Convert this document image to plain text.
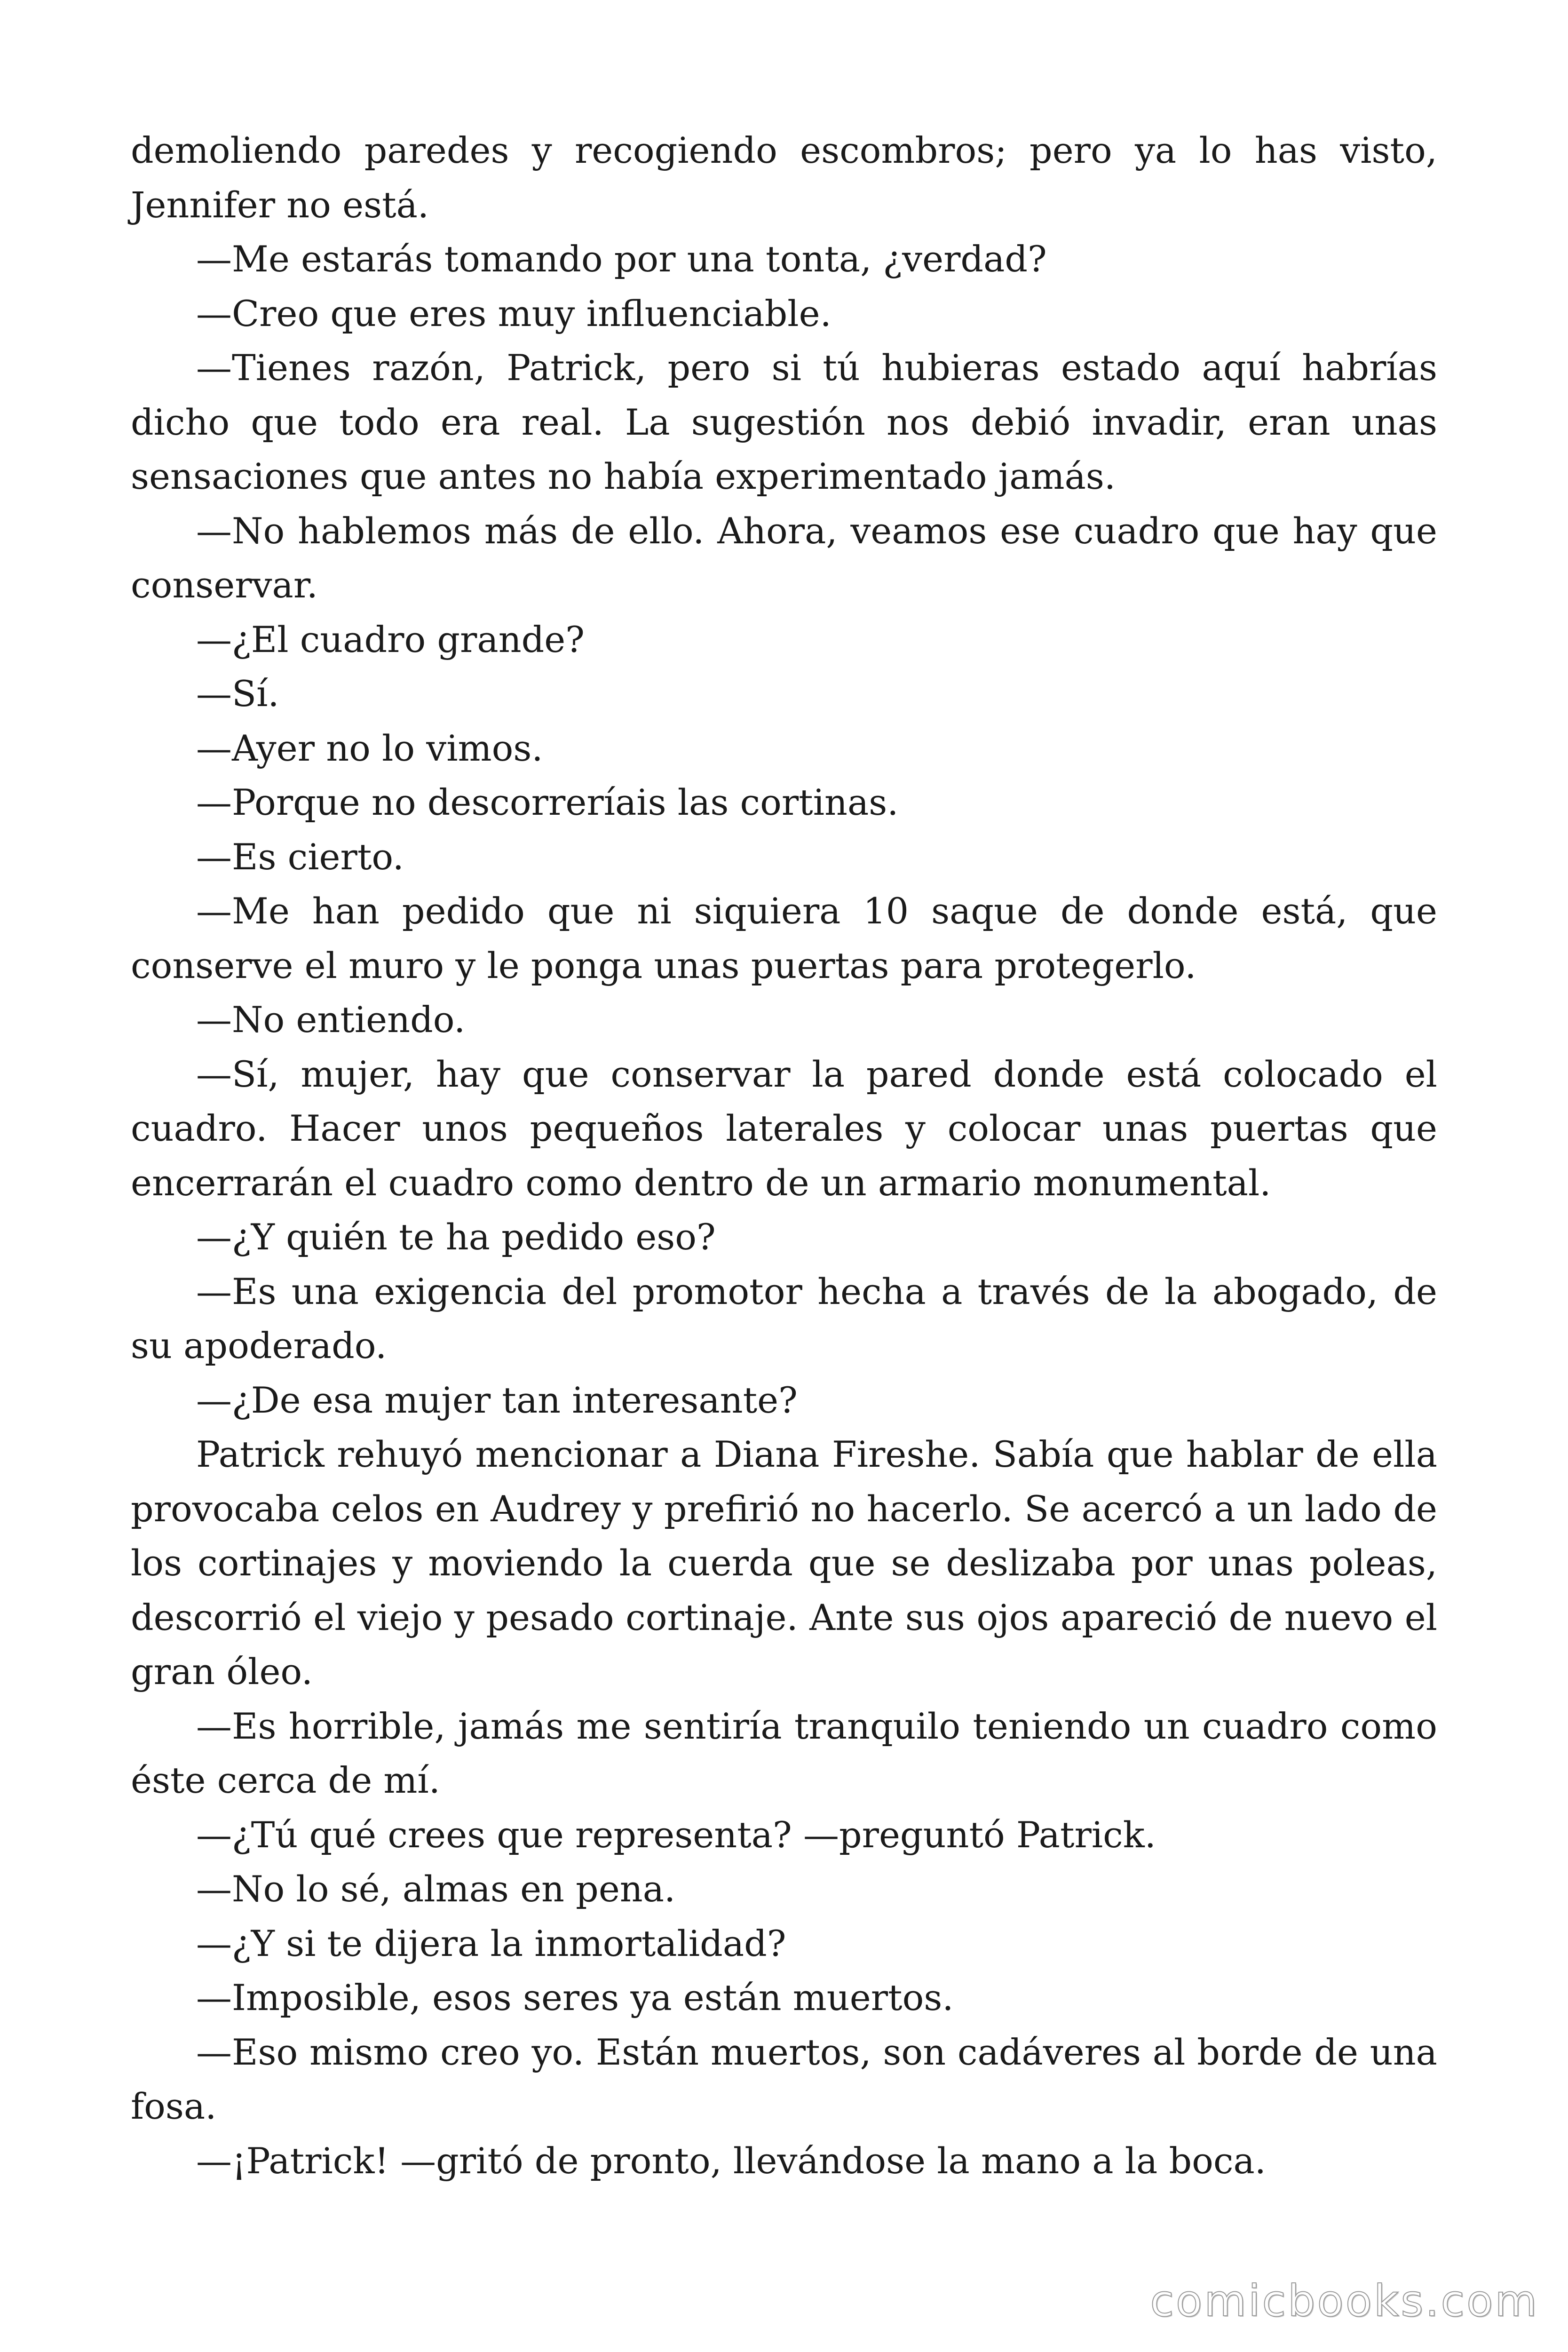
demoliendo paredes y recogiendo escombros; pero ya lo has visto, Jennifer no está.

—Me estarás tomando por una tonta, ¿verdad?

—Creo que eres muy influenciable.

—Tienes razón, Patrick, pero si tú hubieras estado aquí habrías dicho que todo era real. La sugestión nos debió invadir, eran unas sensaciones que antes no había experimentado jamás.

—No hablemos más de ello. Ahora, veamos ese cuadro que hay que conservar.

—¿El cuadro grande?

—Sí.

—Ayer no lo vimos.

—Porque no descorreríais las cortinas.

—Es cierto.

—Me han pedido que ni siquiera 10 saque de donde está, que conserve el muro y le ponga unas puertas para protegerlo.

—No entiendo.

—Sí, mujer, hay que conservar la pared donde está colocado el cuadro. Hacer unos pequeños laterales y colocar unas puertas que encerrarán el cuadro como dentro de un armario monumental.

—¿Y quién te ha pedido eso?

—Es una exigencia del promotor hecha a través de la abogado, de su apoderado.

—¿De esa mujer tan interesante?

Patrick rehuyó mencionar a Diana Fireshe. Sabía que hablar de ella provocaba celos en Audrey y prefirió no hacerlo. Se acercó a un lado de los cortinajes y moviendo la cuerda que se deslizaba por unas poleas, descorrió el viejo y pesado cortinaje. Ante sus ojos apareció de nuevo el gran óleo.

—Es horrible, jamás me sentiría tranquilo teniendo un cuadro como éste cerca de mí.

—¿Tú qué crees que representa? —preguntó Patrick.

—No lo sé, almas en pena.

—¿Y si te dijera la inmortalidad?

—Imposible, esos seres ya están muertos.

—Eso mismo creo yo. Están muertos, son cadáveres al borde de una fosa.

—¡Patrick! —gritó de pronto, llevándose la mano a la boca.

comicbooks.com
